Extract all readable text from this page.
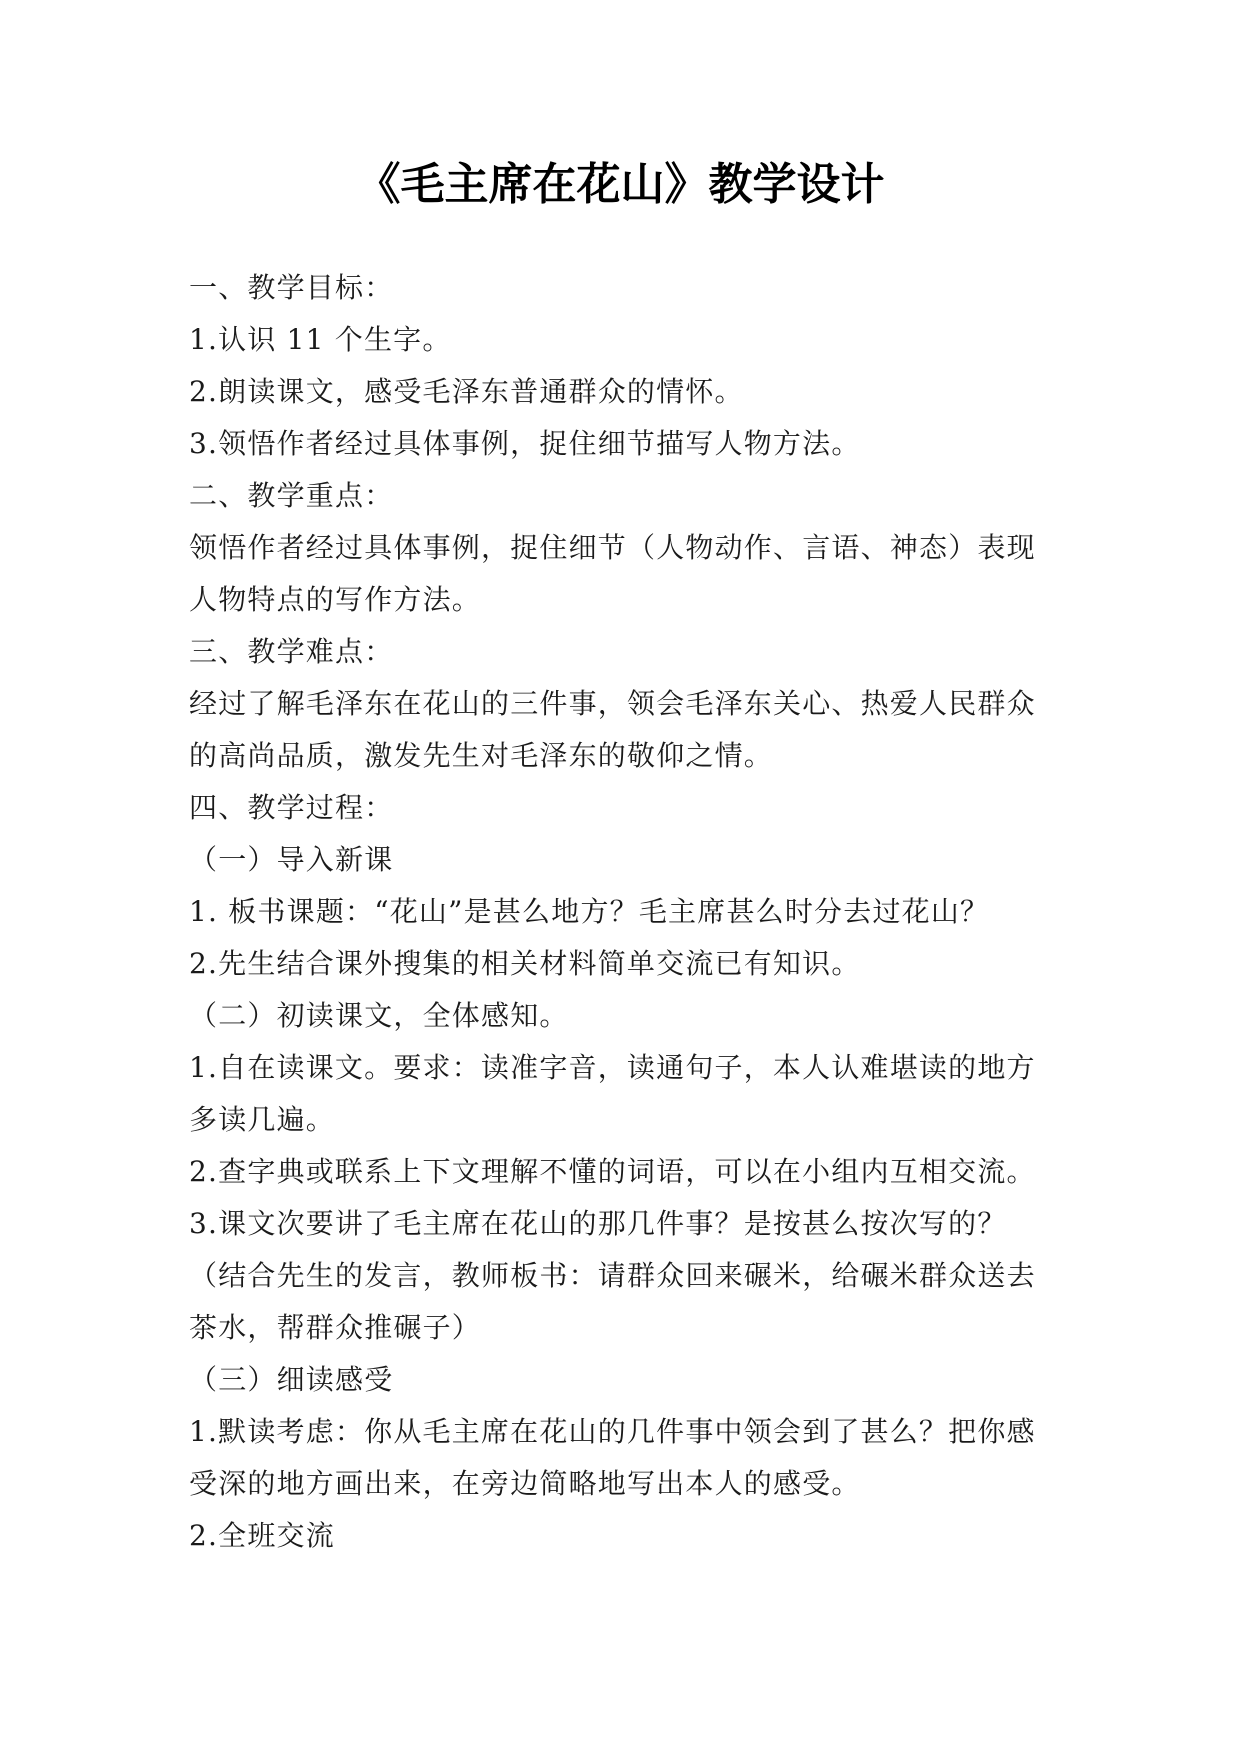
《毛主席在花山》教学设计
一、教学目标：
1.认识 11 个生字。
2.朗读课文，感受毛泽东普通群众的情怀。
3.领悟作者经过具体事例，捉住细节描写人物方法。
二、教学重点：
领悟作者经过具体事例，捉住细节（人物动作、言语、神态）表现
人物特点的写作方法。
三、教学难点：
经过了解毛泽东在花山的三件事，领会毛泽东关心、热爱人民群众
的高尚品质，激发先生对毛泽东的敬仰之情。
四、教学过程：
（一）导入新课
1. 板书课题：“花山”是甚么地方？毛主席甚么时分去过花山？
2.先生结合课外搜集的相关材料简单交流已有知识。
（二）初读课文，全体感知。
1.自在读课文。要求：读准字音，读通句子，本人认难堪读的地方
多读几遍。
2.查字典或联系上下文理解不懂的词语，可以在小组内互相交流。
3.课文次要讲了毛主席在花山的那几件事？是按甚么按次写的？
（结合先生的发言，教师板书：请群众回来碾米，给碾米群众送去
茶水，帮群众推碾子）
（三）细读感受
1.默读考虑：你从毛主席在花山的几件事中领会到了甚么？把你感
受深的地方画出来，在旁边简略地写出本人的感受。
2.全班交流
